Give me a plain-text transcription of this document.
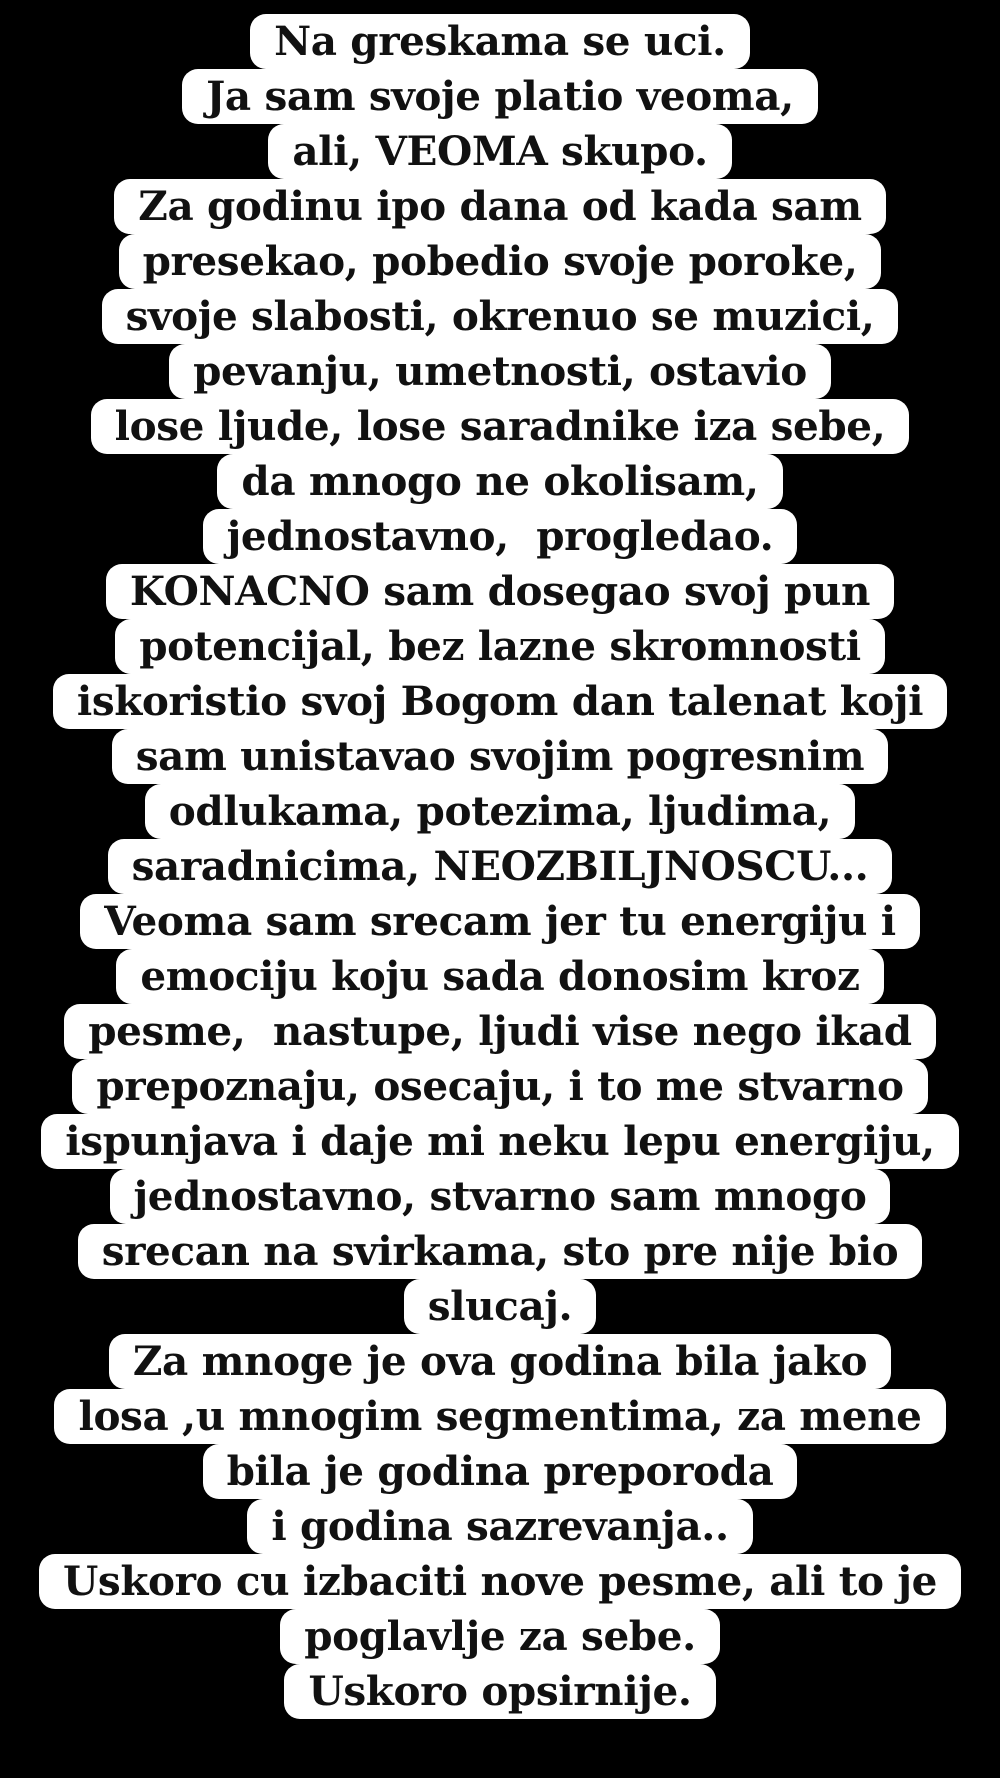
Na greskama se uci.
Ja sam svoje platio veoma,
ali, VEOMA skupo.
Za godinu ipo dana od kada sam
presekao, pobedio svoje poroke,
svoje slabosti, okrenuo se muzici,
pevanju, umetnosti, ostavio
lose ljude, lose saradnike iza sebe,
da mnogo ne okolisam,
jednostavno,  progledao.
KONACNO sam dosegao svoj pun
potencijal, bez lazne skromnosti
iskoristio svoj Bogom dan talenat koji
sam unistavao svojim pogresnim
odlukama, potezima, ljudima,
saradnicima, NEOZBILJNOSCU...
Veoma sam srecam jer tu energiju i
emociju koju sada donosim kroz
pesme,  nastupe, ljudi vise nego ikad
prepoznaju, osecaju, i to me stvarno
ispunjava i daje mi neku lepu energiju,
jednostavno, stvarno sam mnogo
srecan na svirkama, sto pre nije bio
slucaj.
Za mnoge je ova godina bila jako
losa ,u mnogim segmentima, za mene
bila je godina preporoda
i godina sazrevanja..
Uskoro cu izbaciti nove pesme, ali to je
poglavlje za sebe.
Uskoro opsirnije.
